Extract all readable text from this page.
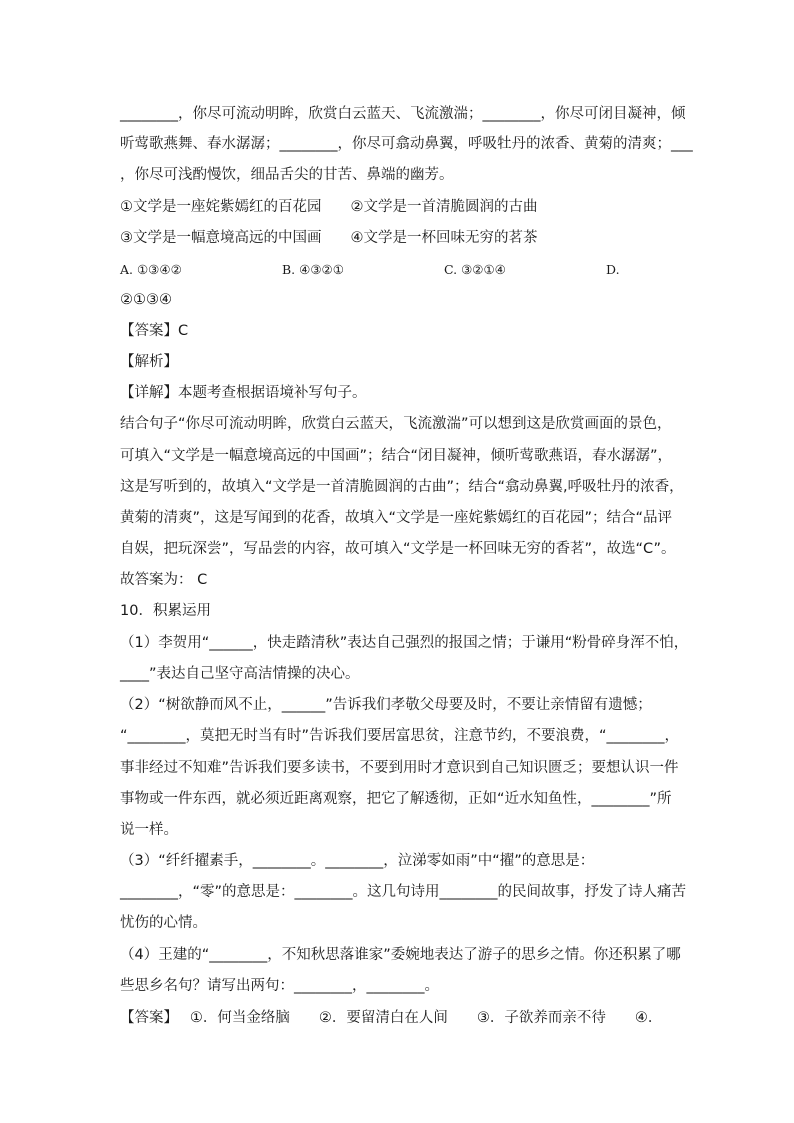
________，你尽可流动明眸，欣赏白云蓝天、飞流激湍；________，你尽可闭目凝神，倾
听莺歌燕舞、春水潺潺；________，你尽可翕动鼻翼，呼吸牡丹的浓香、黄菊的清爽；___
，你尽可浅酌慢饮，细品舌尖的甘苦、鼻端的幽芳。
①文学是一座姹紫嫣红的百花园　　②文学是一首清脆圆润的古曲
③文学是一幅意境高远的中国画　　④文学是一杯回味无穷的茗茶
A. ①③④②	B. ④③②①	C. ③②①④	D.
②①③④
【答案】C
【解析】
【详解】本题考查根据语境补写句子。
结合句子“你尽可流动明眸，欣赏白云蓝天，飞流激湍”可以想到这是欣赏画面的景色，
可填入“文学是一幅意境高远的中国画”；结合“闭目凝神，倾听莺歌燕语，春水潺潺”，
这是写听到的，故填入“文学是一首清脆圆润的古曲”；结合“翕动鼻翼,呼吸牡丹的浓香，
黄菊的清爽”，这是写闻到的花香，故填入“文学是一座姹紫嫣红的百花园”；结合“品评
自娱，把玩深尝”，写品尝的内容，故可填入“文学是一杯回味无穷的香茗”，故选“C”。
故答案为： C
10．积累运用
（1）李贺用“______，快走踏清秋”表达自己强烈的报国之情；于谦用“粉骨碎身浑不怕，
____”表达自己坚守高洁情操的决心。
（2）“树欲静而风不止，______”告诉我们孝敬父母要及时，不要让亲情留有遗憾；
“________，莫把无时当有时”告诉我们要居富思贫，注意节约，不要浪费，“________，
事非经过不知难”告诉我们要多读书，不要到用时才意识到自己知识匮乏；要想认识一件
事物或一件东西，就必须近距离观察，把它了解透彻，正如“近水知鱼性，________”所
说一样。
（3）“纤纤擢素手，________。________，泣涕零如雨”中“擢”的意思是：
________，“零”的意思是：________。这几句诗用________的民间故事，抒发了诗人痛苦
忧伤的心情。
（4）王建的“________，不知秋思落谁家”委婉地表达了游子的思乡之情。你还积累了哪
些思乡名句？请写出两句：________，________。
【答案】　 ①．何当金络脑　　②．要留清白在人间　　③．子欲养而亲不待　　④．
